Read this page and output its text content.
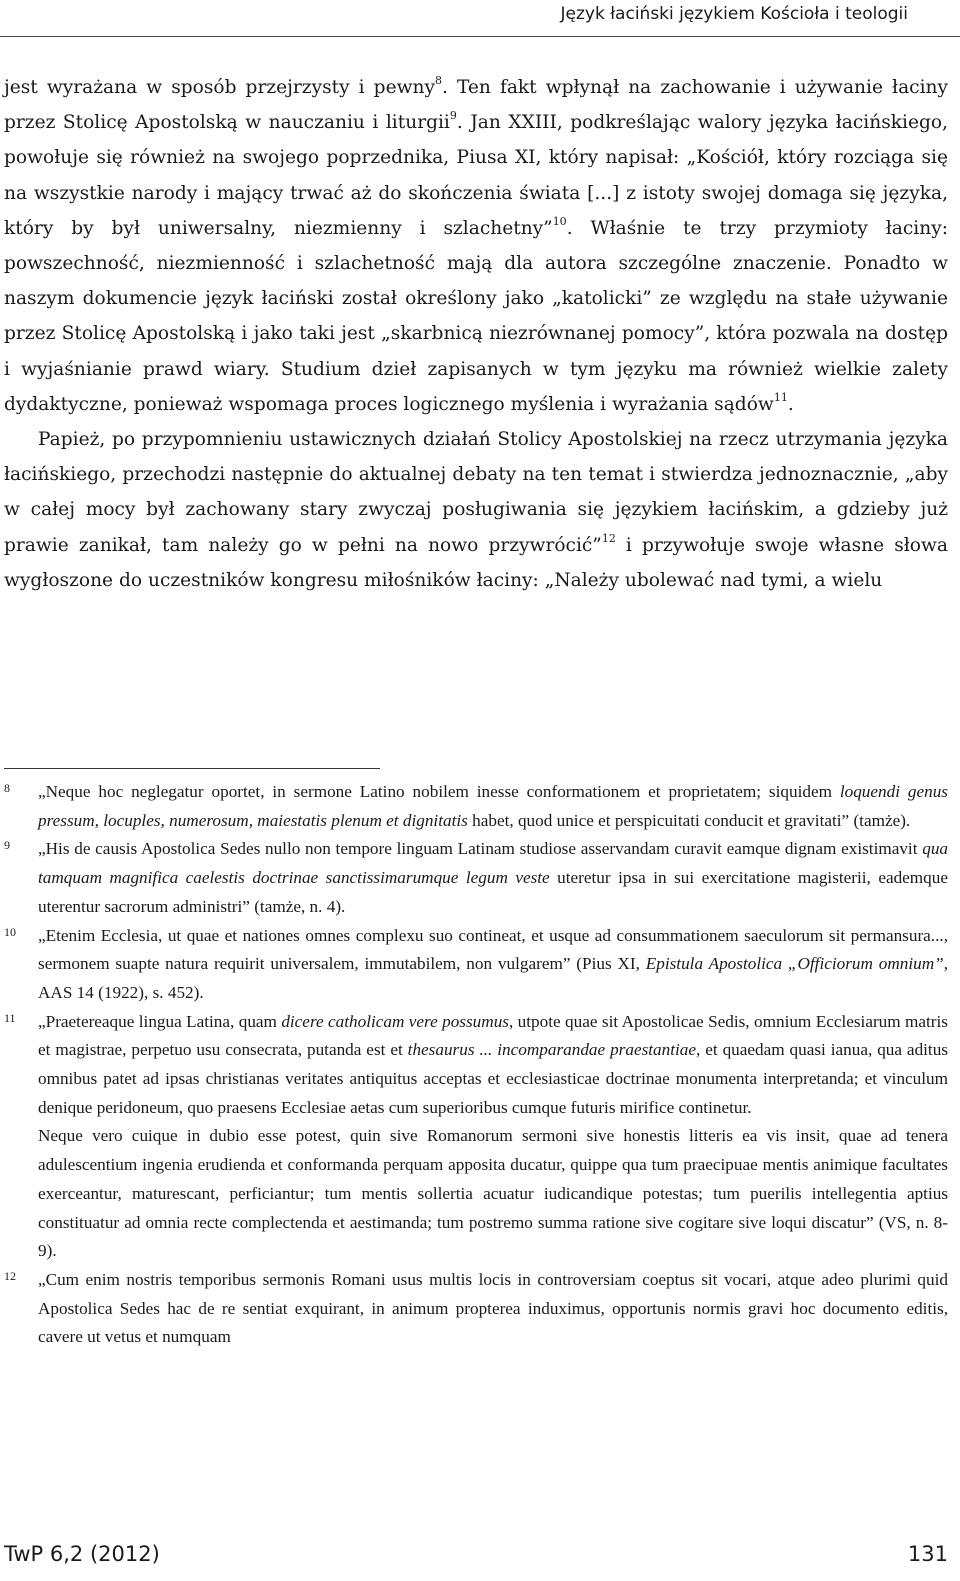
Język łaciński językiem Kościoła i teologii

jest wyrażana w sposób przejrzysty i pewny$^8$. Ten fakt wpłynął na zachowanie i używanie łaciny przez Stolicę Apostolską w nauczaniu i liturgii$^9$. Jan XXIII, podkreślając walory języka łacińskiego, powołuje się również na swojego poprzednika, Piusa XI, który napisał: „Kościół, który rozciąga się na wszystkie narody i mający trwać aż do skończenia świata [...] z istoty swojej domaga się języka, który by był uniwersalny, niezmienny i szlachetny”$^{10}$. Właśnie te trzy przymioty łaciny: powszechność, niezmienność i szlachetność mają dla autora szczególne znaczenie. Ponadto w naszym dokumencie język łaciński został określony jako „katolicki” ze względu na stałe używanie przez Stolicę Apostolską i jako taki jest „skarbnicą niezrównanej pomocy”, która pozwala na dostęp i wyjaśnianie prawd wiary. Studium dzieł zapisanych w tym języku ma również wielkie zalety dydaktyczne, ponieważ wspomaga proces logicznego myślenia i wyrażania sądów$^{11}$.

Papież, po przypomnieniu ustawicznych działań Stolicy Apostolskiej na rzecz utrzymania języka łacińskiego, przechodzi następnie do aktualnej debaty na ten temat i stwierdza jednoznacznie, „aby w całej mocy był zachowany stary zwyczaj posługiwania się językiem łacińskim, a gdzieby już prawie zanikał, tam należy go w pełni na nowo przywrócić”$^{12}$ i przywołuje swoje własne słowa wygłoszone do uczestników kongresu miłośników łaciny: „Należy ubolewać nad tymi, a wielu

8	„Neque hoc neglegatur oportet, in sermone Latino nobilem inesse conformationem et proprietatem; siquidem loquendi genus pressum, locuples, numerosum, maiestatis plenum et dignitatis habet, quod unice et perspicuitati conducit et gravitati” (tamże).
9	„His de causis Apostolica Sedes nullo non tempore linguam Latinam studiose asservandam curavit eamque dignam existimavit qua tamquam magnifica caelestis doctrinae sanctissimarumque legum veste uteretur ipsa in sui exercitatione magisterii, eademque uterentur sacrorum administri” (tamże, n. 4).
10	„Etenim Ecclesia, ut quae et nationes omnes complexu suo contineat, et usque ad consummationem saeculorum sit permansura..., sermonem suapte natura requirit universalem, immutabilem, non vulgarem” (Pius XI, Epistula Apostolica „Officiorum omnium”, AAS 14 (1922), s. 452).
11	„Praetereaque lingua Latina, quam dicere catholicam vere possumus, utpote quae sit Apostolicae Sedis, omnium Ecclesiarum matris et magistrae, perpetuo usu consecrata, putanda est et thesaurus ... incomparandae praestantiae, et quaedam quasi ianua, qua aditus omnibus patet ad ipsas christianas veritates antiquitus acceptas et ecclesiasticae doctrinae monumenta interpretanda; et vinculum denique peridoneum, quo praesens Ecclesiae aetas cum superioribus cumque futuris mirifice continetur.

Neque vero cuique in dubio esse potest, quin sive Romanorum sermoni sive honestis litteris ea vis insit, quae ad tenera adulescentium ingenia erudienda et conformanda perquam apposita ducatur, quippe qua tum praecipuae mentis animique facultates exerceantur, maturescant, perficiantur; tum mentis sollertia acuatur iudicandique potestas; tum puerilis intellegentia aptius constituatur ad omnia recte complectenda et aestimanda; tum postremo summa ratione sive cogitare sive loqui discatur” (VS, n. 8-9).

12	„Cum enim nostris temporibus sermonis Romani usus multis locis in controversiam coeptus sit vocari, atque adeo plurimi quid Apostolica Sedes hac de re sentiat exquirant, in animum propterea induximus, opportunis normis gravi hoc documento editis, cavere ut vetus et numquam
TwP 6,2 (2012)	131
